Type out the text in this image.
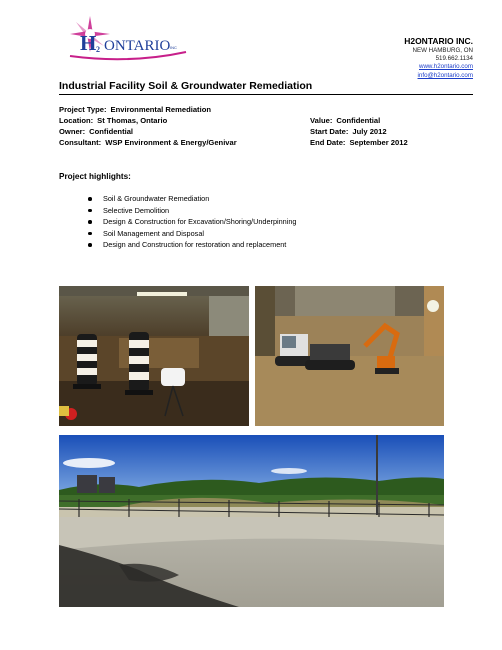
H 2 ONTARIO INC
H2ONTARIO INC.
NEW HAMBURG, ON
519.662.1134
www.h2ontario.com
info@h2ontario.com
Industrial Facility Soil & Groundwater Remediation
Project Type: Environmental Remediation
Location: St Thomas, Ontario
Owner: Confidential
Consultant: WSP Environment & Energy/Genivar
Value: Confidential
Start Date: July 2012
End Date: September 2012
Project highlights:
Soil & Groundwater Remediation
Selective Demolition
Design & Construction for Excavation/Shoring/Underpinning
Soil Management and Disposal
Design and Construction for restoration and replacement
